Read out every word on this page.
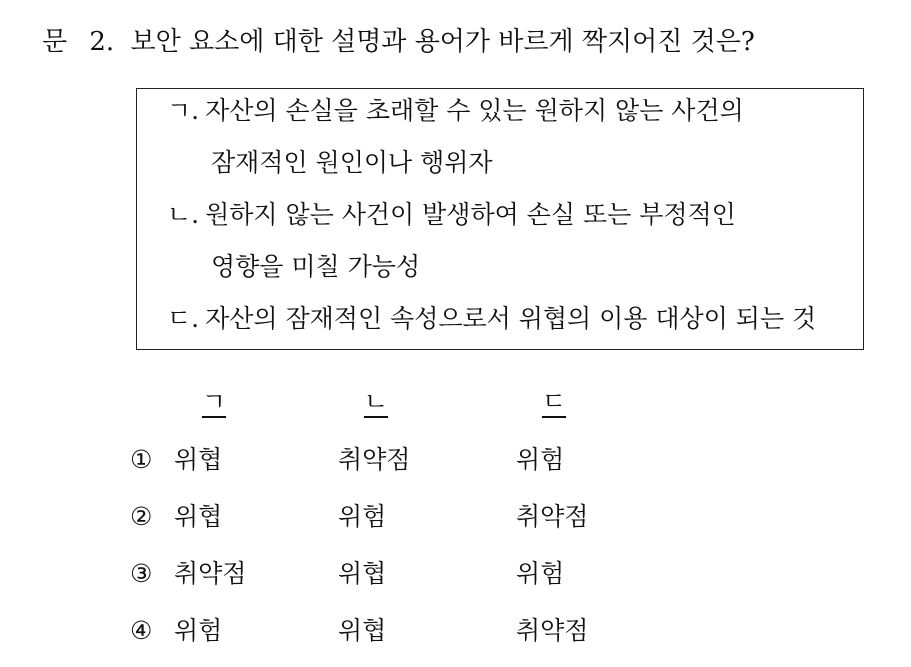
문 2. 보안 요소에 대한 설명과 용어가 바르게 짝지어진 것은?
ㄱ. 자산의 손실을 초래할 수 있는 원하지 않는 사건의
잠재적인 원인이나 행위자
ㄴ. 원하지 않는 사건이 발생하여 손실 또는 부정적인
영향을 미칠 가능성
ㄷ. 자산의 잠재적인 속성으로서 위협의 이용 대상이 되는 것
ㄱ	ㄴ	ㄷ
① 위협	취약점	위험
② 위협	위험	취약점
③ 취약점	위협	위험
④ 위험	위협	취약점
